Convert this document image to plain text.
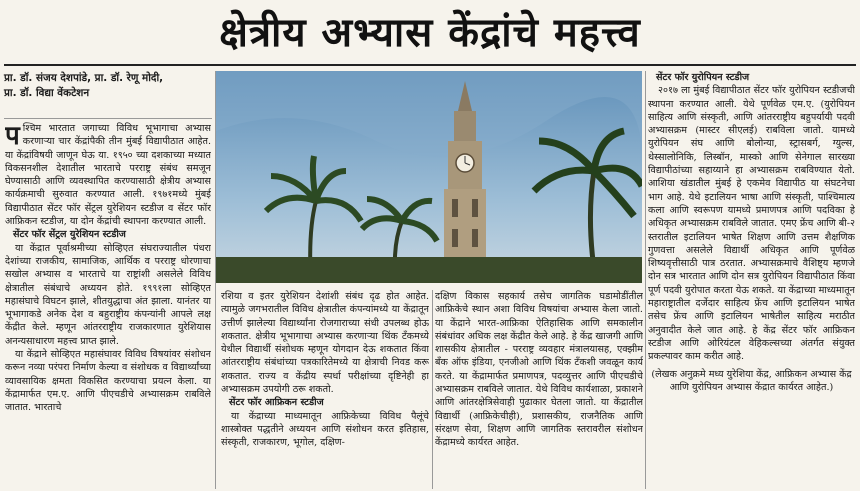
क्षेत्रीय अभ्यास केंद्रांचे महत्त्व
प्रा. डॉ. संजय देशपांडे, प्रा. डॉ. रेणू मोदी,
प्रा. डॉ. विद्या वेंकटेशन

पश्चिम भारतात जगाच्या विविध भूभागाचा अभ्यास करणाऱ्या चार केंद्रांपैकी तीन मुंबई विद्यापीठात आहेत. या केंद्रांविषयी जाणून घेऊ या. १९५० च्या दशकाच्या मध्यात विकसनशील देशातील भारताचे परराष्ट्र संबंध समजून घेण्यासाठी आणि व्यवस्थापित करण्यासाठी क्षेत्रीय अभ्यास कार्यक्रमाची सुरुवात करण्यात आली. १९७१मध्ये मुंबई विद्यापीठात सेंटर फॉर सेंट्रल युरेशियन स्टडीज व सेंटर फॉर आफ्रिकन स्टडीज, या दोन केंद्रांची स्थापना करण्यात आली.

सेंटर फॉर सेंट्रल युरेशियन स्टडीज

या केंद्रात पूर्वाश्रमीच्या सोव्हिएत संघराज्यातील पंधरा देशांच्या राजकीय, सामाजिक, आर्थिक व परराष्ट्र धोरणाचा सखोल अभ्यास व भारताचे या राष्ट्रांशी असलेले विविध क्षेत्रातील संबंधाचे अध्ययन होते. १९९१ला सोव्हिएत महासंघाचे विघटन झाले, शीतयुद्धाचा अंत झाला. यानंतर या भूभागाकडे अनेक देश व बहुराष्ट्रीय कंपन्यांनी आपले लक्ष केंद्रीत केले. म्हणून आंतरराष्ट्रीय राजकारणात युरेशियास अनन्यसाधारण महत्त्व प्राप्त झाले.

या केंद्राने सोव्हिएत महासंघावर विविध विषयांवर संशोधन करून नव्या परंपरा निर्माण केल्या व संशोधक व विद्यार्थ्यांच्या व्यावसायिक क्षमता विकसित करण्याचा प्रयत्न केला. या केंद्रामार्फत एम.ए. आणि पीएचडीचे अभ्यासक्रम राबविले जातात. भारताचे

रशिया व इतर युरेशियन देशांशी संबंध दृढ होत आहेत. त्यामुळे जगभरातील विविध क्षेत्रातील कंपन्यांमध्ये या केंद्रातून उत्तीर्ण झालेल्या विद्यार्थ्यांना रोजगाराच्या संधी उपलब्ध होऊ शकतात. क्षेत्रीय भूभागाचा अभ्यास करणाऱ्या थिंक टँकमध्ये येथील विद्यार्थी संशोधक म्हणून योगदान देऊ शकतात किंवा आंतरराष्ट्रीय संबंधांच्या पत्रकारितेमध्ये या क्षेत्राची निवड करू शकतात. राज्य व केंद्रीय स्पर्धा परीक्षांच्या दृष्टिनेही हा अभ्यासक्रम उपयोगी ठरू शकतो.

सेंटर फॉर आफ्रिकन स्टडीज

या केंद्राच्या माध्यमातून आफ्रिकेच्या विविध पैलूंचे शास्त्रोक्त पद्धतीने अध्ययन आणि संशोधन करत इतिहास, संस्कृती, राजकारण, भूगोल, दक्षिण-

दक्षिण विकास सहकार्य तसेच जागतिक घडामोडींतील आफ्रिकेचे स्थान अशा विविध विषयांचा अभ्यास केला जातो. या केंद्राने भारत-आफ्रिका ऐतिहासिक आणि समकालीन संबंधांवर अधिक लक्ष केंद्रीत केले आहे. हे केंद्र खाजगी आणि शासकीय क्षेत्रातील - परराष्ट्र व्यवहार मंत्रालयासह, एक्झीम बँक ऑफ इंडिया, एनजीओ आणि थिंक टँकशी जवळून कार्य करते. या केंद्रामार्फत प्रमाणपत्र, पदव्युत्तर आणि पीएचडीचे अभ्यासक्रम राबविले जातात. येथे विविध कार्यशाळा, प्रकाशने आणि आंतरक्षेत्रिसेवाही पुढाकार घेतला जातो. या केंद्रातील विद्यार्थी (आफ्रिकेचीही), प्रशासकीय, राजनैतिक आणि संरक्षण सेवा, शिक्षण आणि जागतिक स्तरावरील संशोधन केंद्रामध्ये कार्यरत आहेत.

सेंटर फॉर युरोपियन स्टडीज

२०१७ ला मुंबई विद्यापीठात सेंटर फॉर युरोपियन स्टडीजची स्थापना करण्यात आली. येथे पूर्णवेळ एम.ए. (युरोपियन साहित्य आणि संस्कृती, आणि आंतरराष्ट्रीय बहुपर्यायी पदवी अभ्यासक्रम (मास्टर सीएलई) राबविला जातो. यामध्ये युरोपियन संघ आणि बोलोन्या, स्ट्रासबर्ग, ग्युल्स, थेस्सालोनिकि, लिस्बॉन, मास्को आणि सेनेगाल सारख्या विद्यापीठांच्या सहाय्याने हा अभ्यासक्रम राबविण्यात येतो. आशिया खंडातील मुंबई हे एकमेव विद्यापीठ या संघटनेचा भाग आहे. येथे इटालियन भाषा आणि संस्कृती, पाश्चिमात्य कला आणि स्वरूपण यामध्ये प्रमाणपत्र आणि पदविका हे अधिकृत अभ्यासक्रम राबविले जातात. एमए फ्रेंच आणि बी-२ स्तरातील इटालियन भाषेत शिक्षण आणि उत्तम शैक्षणिक गुणवत्ता असलेले विद्यार्थी अधिकृत आणि पूर्णवेळ शिष्यवृत्तीसाठी पात्र ठरतात. अभ्यासक्रमाचे वैशिष्ट्य म्हणजे दोन सत्र भारतात आणि दोन सत्र युरोपियन विद्यापीठात किंवा पूर्ण पदवी युरोपात करता येऊ शकते. या केंद्राच्या माध्यमातून महाराष्ट्रातील दर्जेदार साहित्य फ्रेंच आणि इटालियन भाषेत तसेच फ्रेंच आणि इटालियन भाषेतील साहित्य मराठीत अनुवादीत केले जात आहे. हे केंद्र सेंटर फॉर आफ्रिकन स्टडीज आणि ओरियंटल वेहिकल्सच्या अंतर्गत संयुक्त प्रकल्पावर काम करीत आहे.

(लेखक अनुक्रमे मध्य युरेशिया केंद्र, आफ्रिकन अभ्यास केंद्र आणि युरोपियन अभ्यास केंद्रात कार्यरत आहेत.)
